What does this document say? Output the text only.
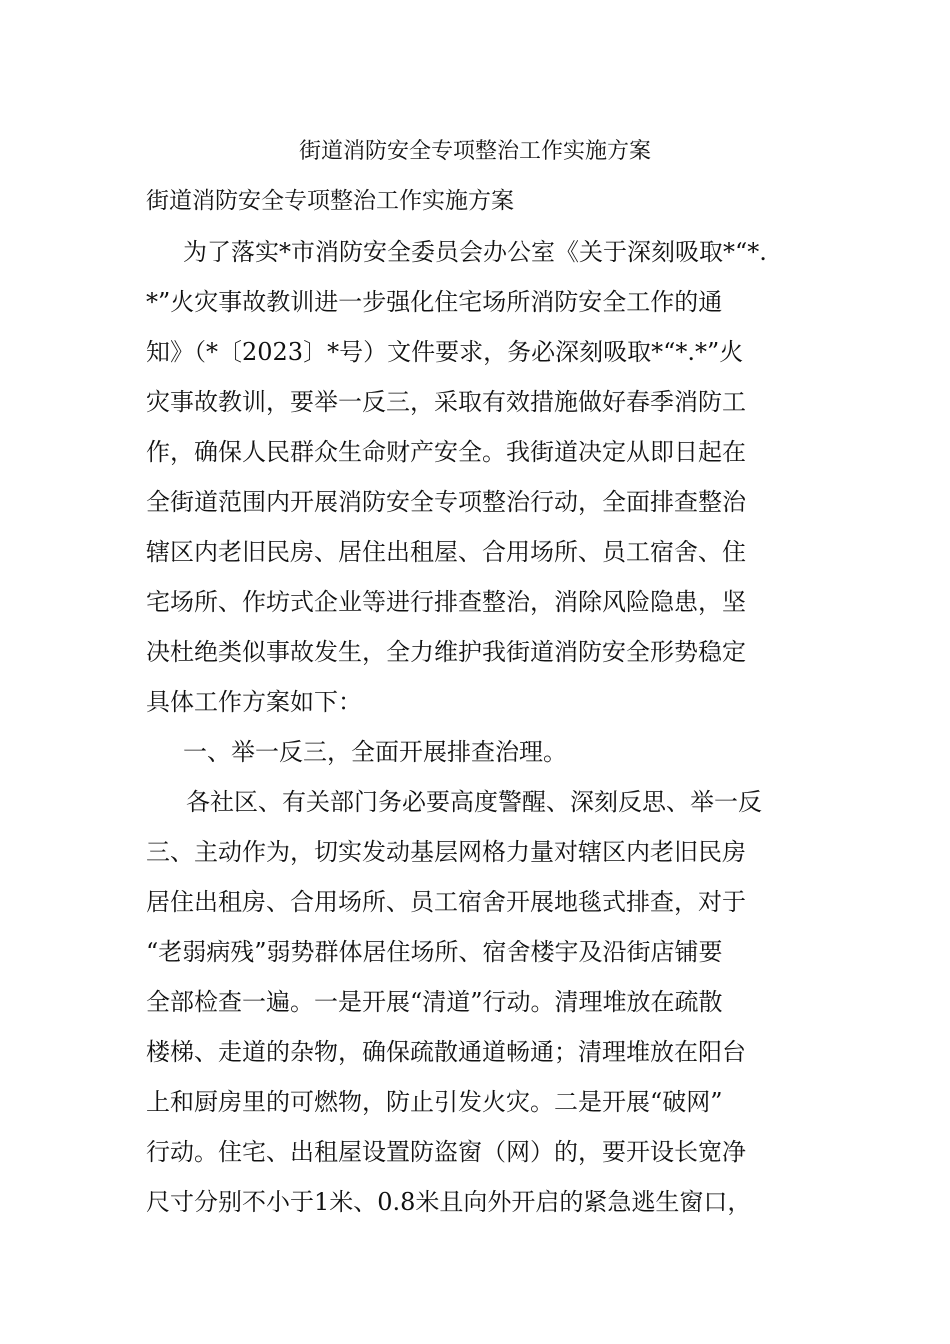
街道消防安全专项整治工作实施方案

街道消防安全专项整治工作实施方案

为了落实*市消防安全委员会办公室《关于深刻吸取*“*.

*”火灾事故教训进一步强化住宅场所消防安全工作的通

知》（*〔2023〕*号）文件要求，务必深刻吸取*“*.*”火

灾事故教训，要举一反三，采取有效措施做好春季消防工

作，确保人民群众生命财产安全。我街道决定从即日起在

全街道范围内开展消防安全专项整治行动，全面排查整治

辖区内老旧民房、居住出租屋、合用场所、员工宿舍、住

宅场所、作坊式企业等进行排查整治，消除风险隐患，坚

决杜绝类似事故发生，全力维护我街道消防安全形势稳定

具体工作方案如下：

一、举一反三，全面开展排查治理。

各社区、有关部门务必要高度警醒、深刻反思、举一反

三、主动作为，切实发动基层网格力量对辖区内老旧民房

居住出租房、合用场所、员工宿舍开展地毯式排查，对于

“老弱病残”弱势群体居住场所、宿舍楼宇及沿街店铺要

全部检查一遍。一是开展“清道”行动。清理堆放在疏散

楼梯、走道的杂物，确保疏散通道畅通；清理堆放在阳台

上和厨房里的可燃物，防止引发火灾。二是开展“破网”

行动。住宅、出租屋设置防盗窗（网）的，要开设长宽净

尺寸分别不小于1米、0.8米且向外开启的紧急逃生窗口，
